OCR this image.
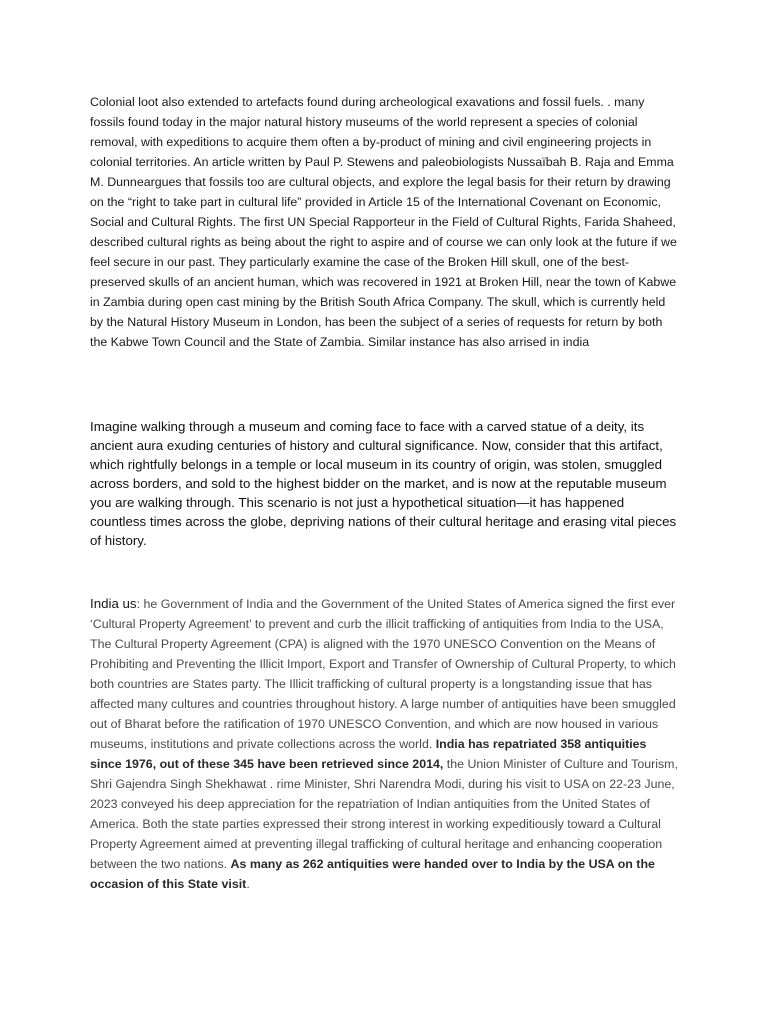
Colonial loot also extended to artefacts found during archeological exavations and fossil fuels. . many fossils found today in the major natural history museums of the world represent a species of colonial removal, with expeditions to acquire them often a by-product of mining and civil engineering projects in colonial territories. An article written by Paul P. Stewens and paleobiologists Nussaïbah B. Raja and Emma M. Dunneargues that fossils too are cultural objects, and explore the legal basis for their return by drawing on the “right to take part in cultural life” provided in Article 15 of the International Covenant on Economic, Social and Cultural Rights. The first UN Special Rapporteur in the Field of Cultural Rights, Farida Shaheed, described cultural rights as being about the right to aspire and of course we can only look at the future if we feel secure in our past. They particularly examine the case of the Broken Hill skull, one of the best-preserved skulls of an ancient human, which was recovered in 1921 at Broken Hill, near the town of Kabwe in Zambia during open cast mining by the British South Africa Company. The skull, which is currently held by the Natural History Museum in London, has been the subject of a series of requests for return by both the Kabwe Town Council and the State of Zambia. Similar instance has also arrised in india

Imagine walking through a museum and coming face to face with a carved statue of a deity, its ancient aura exuding centuries of history and cultural significance. Now, consider that this artifact, which rightfully belongs in a temple or local museum in its country of origin, was stolen, smuggled across borders, and sold to the highest bidder on the market, and is now at the reputable museum you are walking through. This scenario is not just a hypothetical situation—it has happened countless times across the globe, depriving nations of their cultural heritage and erasing vital pieces of history.

India us: he Government of India and the Government of the United States of America signed the first ever ‘Cultural Property Agreement’ to prevent and curb the illicit trafficking of antiquities from India to the USA, The Cultural Property Agreement (CPA) is aligned with the 1970 UNESCO Convention on the Means of Prohibiting and Preventing the Illicit Import, Export and Transfer of Ownership of Cultural Property, to which both countries are States party. The Illicit trafficking of cultural property is a longstanding issue that has affected many cultures and countries throughout history. A large number of antiquities have been smuggled out of Bharat before the ratification of 1970 UNESCO Convention, and which are now housed in various museums, institutions and private collections across the world. India has repatriated 358 antiquities since 1976, out of these 345 have been retrieved since 2014, the Union Minister of Culture and Tourism, Shri Gajendra Singh Shekhawat . rime Minister, Shri Narendra Modi, during his visit to USA on 22-23 June, 2023 conveyed his deep appreciation for the repatriation of Indian antiquities from the United States of America. Both the state parties expressed their strong interest in working expeditiously toward a Cultural Property Agreement aimed at preventing illegal trafficking of cultural heritage and enhancing cooperation between the two nations. As many as 262 antiquities were handed over to India by the USA on the occasion of this State visit.
